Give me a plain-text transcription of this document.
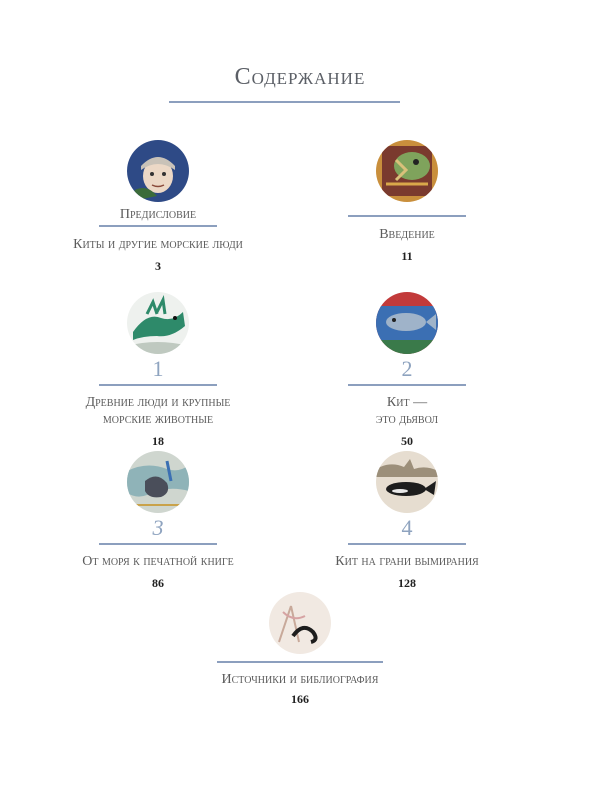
Содержание
Предисловие
Киты и другие морские люди
3
Введение
11
1
Древние люди и крупные
морские животные
18
2
Кит —
это дьявол
50
3
От моря к печатной книге
86
4
Кит на грани вымирания
128
Источники и библиография
166
